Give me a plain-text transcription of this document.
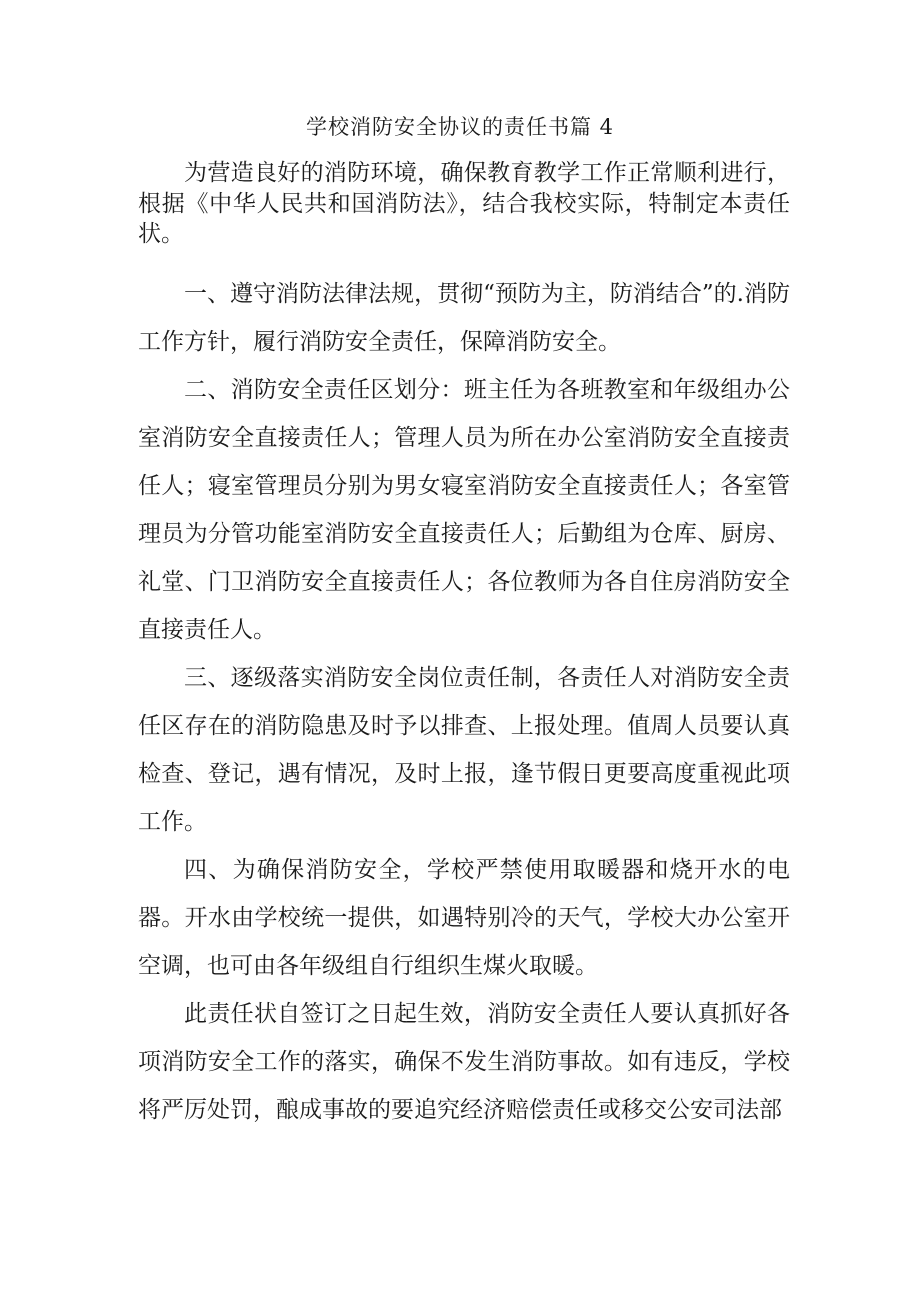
学校消防安全协议的责任书篇 4

为营造良好的消防环境，确保教育教学工作正常顺利进行，根据《中华人民共和国消防法》，结合我校实际，特制定本责任状。

一、遵守消防法律法规，贯彻“预防为主，防消结合”的.消防工作方针，履行消防安全责任，保障消防安全。

二、消防安全责任区划分：班主任为各班教室和年级组办公室消防安全直接责任人；管理人员为所在办公室消防安全直接责任人；寝室管理员分别为男女寝室消防安全直接责任人；各室管理员为分管功能室消防安全直接责任人；后勤组为仓库、厨房、礼堂、门卫消防安全直接责任人；各位教师为各自住房消防安全直接责任人。

三、逐级落实消防安全岗位责任制，各责任人对消防安全责任区存在的消防隐患及时予以排查、上报处理。值周人员要认真检查、登记，遇有情况，及时上报，逢节假日更要高度重视此项工作。

四、为确保消防安全，学校严禁使用取暖器和烧开水的电器。开水由学校统一提供，如遇特别冷的天气，学校大办公室开空调，也可由各年级组自行组织生煤火取暖。

此责任状自签订之日起生效，消防安全责任人要认真抓好各项消防安全工作的落实，确保不发生消防事故。如有违反，学校将严厉处罚，酿成事故的要追究经济赔偿责任或移交公安司法部
